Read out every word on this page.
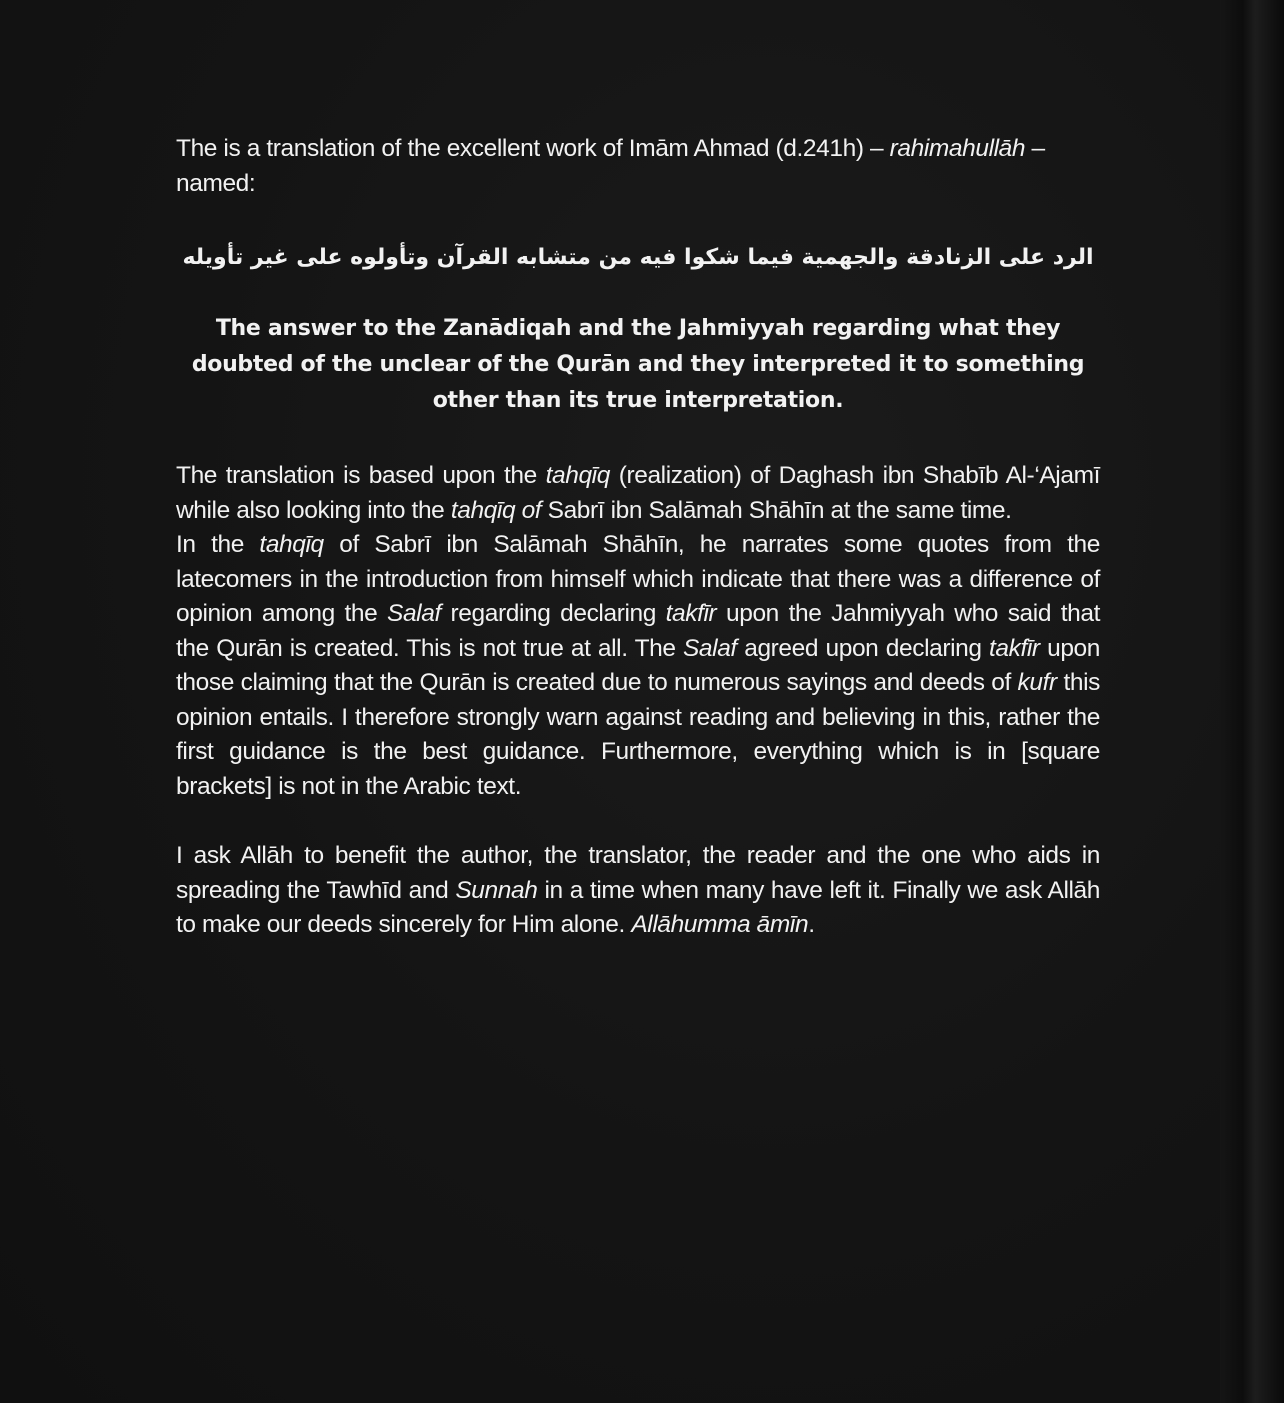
The is a translation of the excellent work of Imām Ahmad (d.241h) – rahimahullāh – named:

الرد على الزنادقة والجهمية فيما شكوا فيه من متشابه القرآن وتأولوه على غير تأويله

The answer to the Zanādiqah and the Jahmiyyah regarding what they doubted of the unclear of the Qurān and they interpreted it to something other than its true interpretation.

The translation is based upon the tahqīq (realization) of Daghash ibn Shabīb Al-‘Ajamī while also looking into the tahqīq of Sabrī ibn Salāmah Shāhīn at the same time.
In the tahqīq of Sabrī ibn Salāmah Shāhīn, he narrates some quotes from the latecomers in the introduction from himself which indicate that there was a difference of opinion among the Salaf regarding declaring takfīr upon the Jahmiyyah who said that the Qurān is created. This is not true at all. The Salaf agreed upon declaring takfīr upon those claiming that the Qurān is created due to numerous sayings and deeds of kufr this opinion entails. I therefore strongly warn against reading and believing in this, rather the first guidance is the best guidance. Furthermore, everything which is in [square brackets] is not in the Arabic text.

I ask Allāh to benefit the author, the translator, the reader and the one who aids in spreading the Tawhīd and Sunnah in a time when many have left it. Finally we ask Allāh to make our deeds sincerely for Him alone. Allāhumma āmīn.
